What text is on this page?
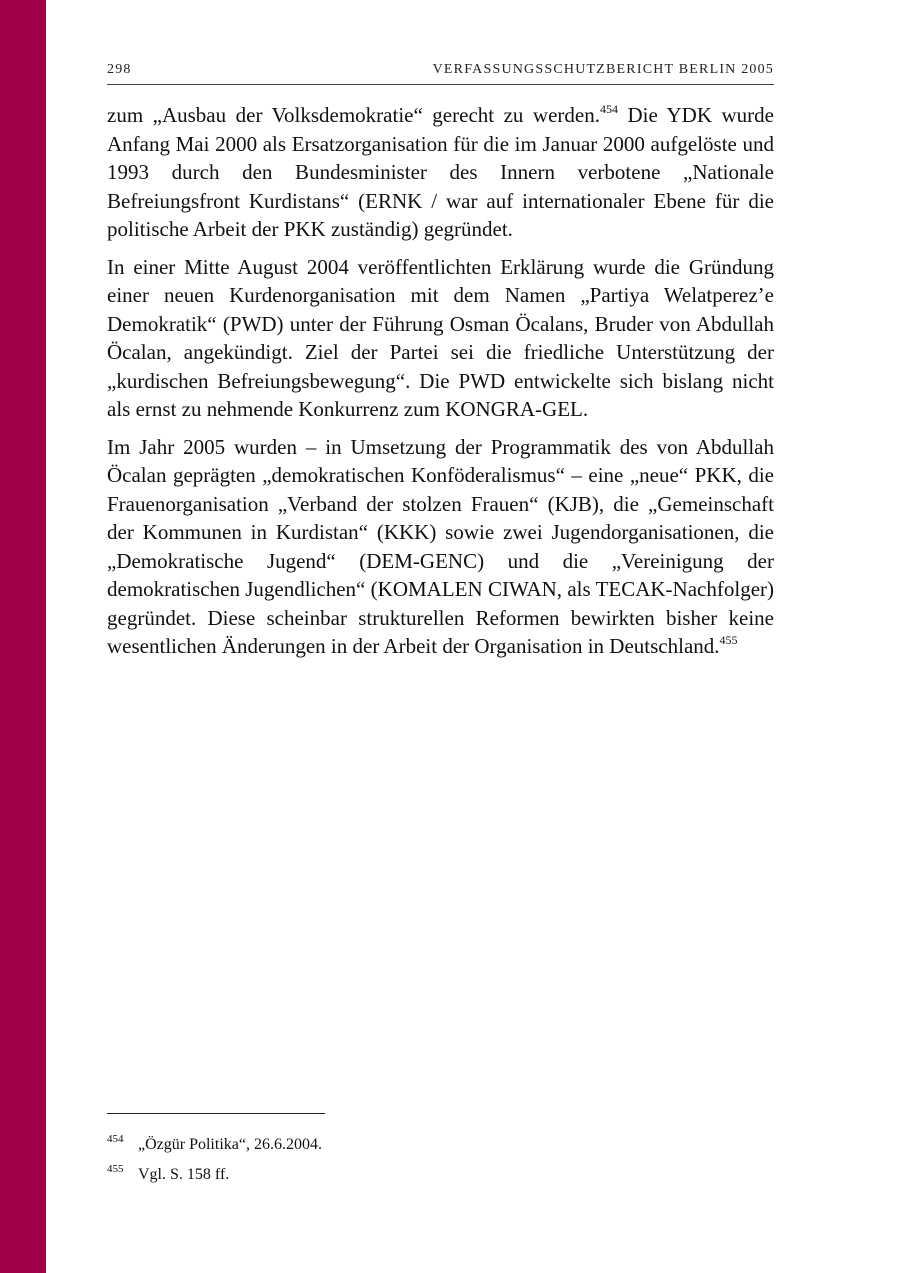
298	VERFASSUNGSSCHUTZBERICHT BERLIN 2005

zum „Ausbau der Volksdemokratie“ gerecht zu werden.$^{454}$ Die YDK wurde Anfang Mai 2000 als Ersatzorganisation für die im Januar 2000 aufgelöste und 1993 durch den Bundesminister des Innern verbotene „Nationale Befreiungsfront Kurdistans“ (ERNK / war auf internationaler Ebene für die politische Arbeit der PKK zuständig) gegründet.

In einer Mitte August 2004 veröffentlichten Erklärung wurde die Gründung einer neuen Kurdenorganisation mit dem Namen „Partiya Welatperez’e Demokratik“ (PWD) unter der Führung Osman Öcalans, Bruder von Abdullah Öcalan, angekündigt. Ziel der Partei sei die friedliche Unterstützung der „kurdischen Befreiungsbewegung“. Die PWD entwickelte sich bislang nicht als ernst zu nehmende Konkurrenz zum KONGRA-GEL.

Im Jahr 2005 wurden – in Umsetzung der Programmatik des von Abdullah Öcalan geprägten „demokratischen Konföderalismus“ – eine „neue“ PKK, die Frauenorganisation „Verband der stolzen Frauen“ (KJB), die „Gemeinschaft der Kommunen in Kurdistan“ (KKK) sowie zwei Jugendorganisationen, die „Demokratische Jugend“ (DEM-GENC) und die „Vereinigung der demokratischen Jugendlichen“ (KOMALEN CIWAN, als TECAK-Nachfolger) gegründet. Diese scheinbar strukturellen Reformen bewirkten bisher keine wesentlichen Änderungen in der Arbeit der Organisation in Deutschland.$^{455}$

454 „Özgür Politika“, 26.6.2004.
455 Vgl. S. 158 ff.
